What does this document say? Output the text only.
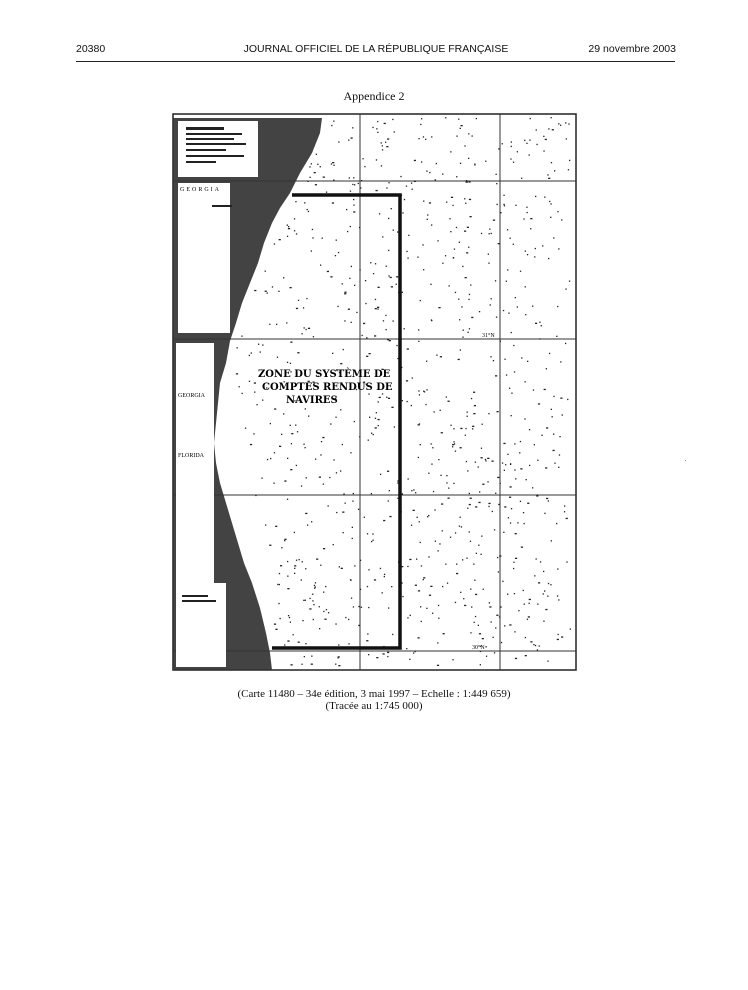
20380	JOURNAL OFFICIEL DE LA RÉPUBLIQUE FRANÇAISE	29 novembre 2003
Appendice 2
GEORGIA
GEORGIA
FLORIDA
31°N
30°N
ZONE DU SYSTÈME DE
COMPTES RENDUS DE
NAVIRES
(Carte 11480 – 34e édition, 3 mai 1997 – Echelle : 1:449 659)
(Tracée au 1:745 000)
